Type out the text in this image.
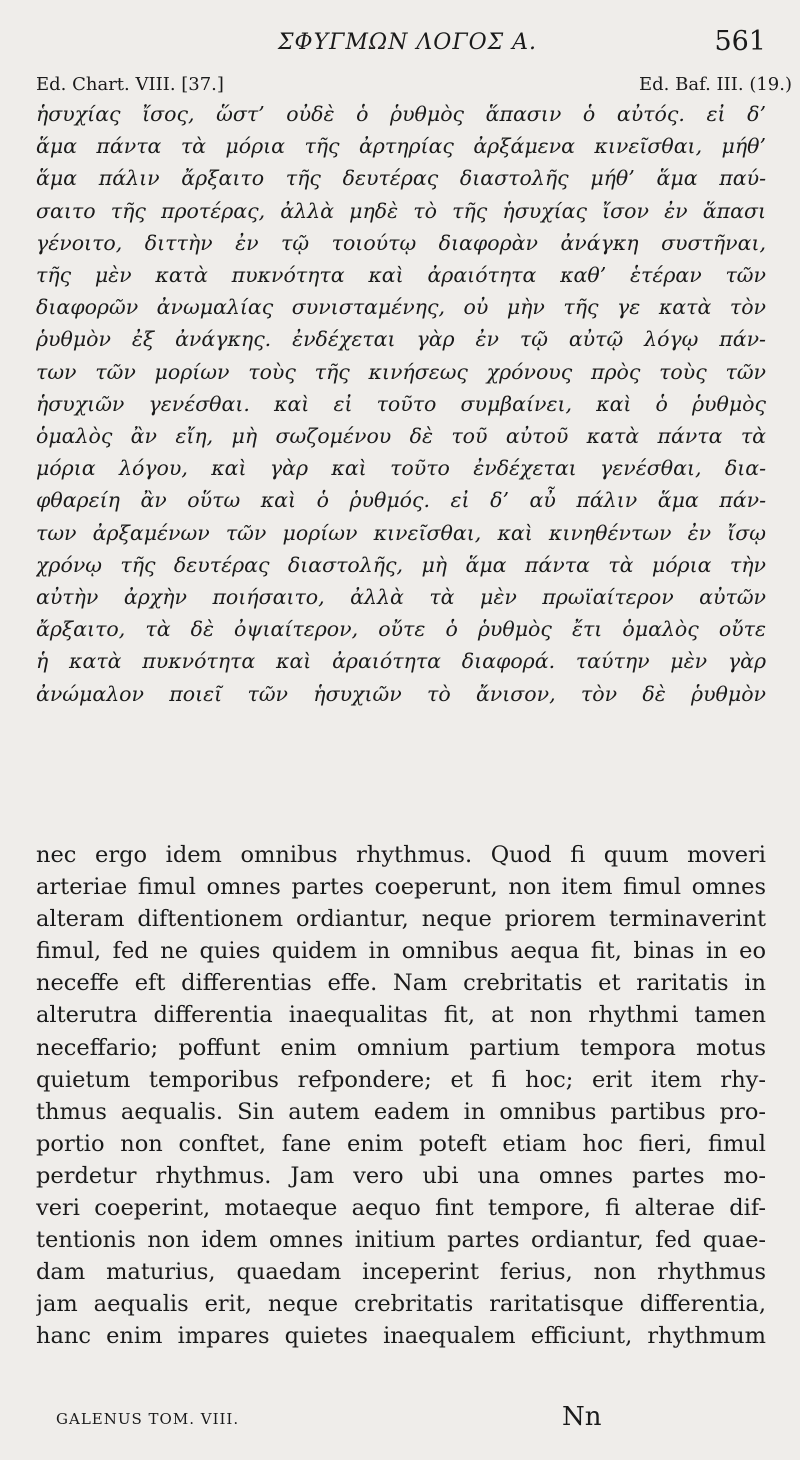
ΣΦΥΓΜΩΝ ΛΟΓΟΣ Α.	561
Ed. Chart. VIII. [37.]	Ed. Baf. III. (19.)
ἡσυχίας ἴσος, ὥστ’ οὐδὲ ὁ ῥυθμὸς ἅπασιν ὁ αὐτός. εἰ δ’
ἅμα πάντα τὰ μόρια τῆς ἀρτηρίας ἀρξάμενα κινεῖσθαι, μήθ’
ἅμα πάλιν ἄρξαιτο τῆς δευτέρας διαστολῆς μήθ’ ἅμα παύ-
σαιτο τῆς προτέρας, ἀλλὰ μηδὲ τὸ τῆς ἡσυχίας ἴσον ἐν ἅπασι
γένοιτο, διττὴν ἐν τῷ τοιούτῳ διαφορὰν ἀνάγκη συστῆναι,
τῆς μὲν κατὰ πυκνότητα καὶ ἀραιότητα καθ’ ἑτέραν τῶν
διαφορῶν ἀνωμαλίας συνισταμένης, οὐ μὴν τῆς γε κατὰ τὸν
ῥυθμὸν ἐξ ἀνάγκης. ἐνδέχεται γὰρ ἐν τῷ αὐτῷ λόγῳ πάν-
των τῶν μορίων τοὺς τῆς κινήσεως χρόνους πρὸς τοὺς τῶν
ἡσυχιῶν γενέσθαι. καὶ εἰ τοῦτο συμβαίνει, καὶ ὁ ῥυθμὸς
ὁμαλὸς ἂν εἴη, μὴ σωζομένου δὲ τοῦ αὐτοῦ κατὰ πάντα τὰ
μόρια λόγου, καὶ γὰρ καὶ τοῦτο ἐνδέχεται γενέσθαι, δια-
φθαρείη ἂν οὕτω καὶ ὁ ῥυθμός. εἰ δ’ αὖ πάλιν ἅμα πάν-
των ἀρξαμένων τῶν μορίων κινεῖσθαι, καὶ κινηθέντων ἐν ἴσῳ
χρόνῳ τῆς δευτέρας διαστολῆς, μὴ ἅμα πάντα τὰ μόρια τὴν
αὐτὴν ἀρχὴν ποιήσαιτο, ἀλλὰ τὰ μὲν πρωϊαίτερον αὐτῶν
ἄρξαιτο, τὰ δὲ ὀψιαίτερον, οὔτε ὁ ῥυθμὸς ἔτι ὁμαλὸς οὔτε
ἡ κατὰ πυκνότητα καὶ ἀραιότητα διαφορά. ταύτην μὲν γὰρ
ἀνώμαλον ποιεῖ τῶν ἡσυχιῶν τὸ ἄνισον, τὸν δὲ ῥυθμὸν
nec ergo idem omnibus rhythmus. Quod fi quum moveri
arteriae fimul omnes partes coeperunt, non item fimul omnes
alteram diftentionem ordiantur, neque priorem terminaverint
fimul, fed ne quies quidem in omnibus aequa fit, binas in eo
neceffe eft differentias effe. Nam crebritatis et raritatis in
alterutra differentia inaequalitas fit, at non rhythmi tamen
neceffario; poffunt enim omnium partium tempora motus
quietum temporibus refpondere; et fi hoc; erit item rhy-
thmus aequalis. Sin autem eadem in omnibus partibus pro-
portio non conftet, fane enim poteft etiam hoc fieri, fimul
perdetur rhythmus. Jam vero ubi una omnes partes mo-
veri coeperint, motaeque aequo fint tempore, fi alterae dif-
tentionis non idem omnes initium partes ordiantur, fed quae-
dam maturius, quaedam inceperint ferius, non rhythmus
jam aequalis erit, neque crebritatis raritatisque differentia,
hanc enim impares quietes inaequalem efficiunt, rhythmum
GALENUS TOM. VIII.	Nn
